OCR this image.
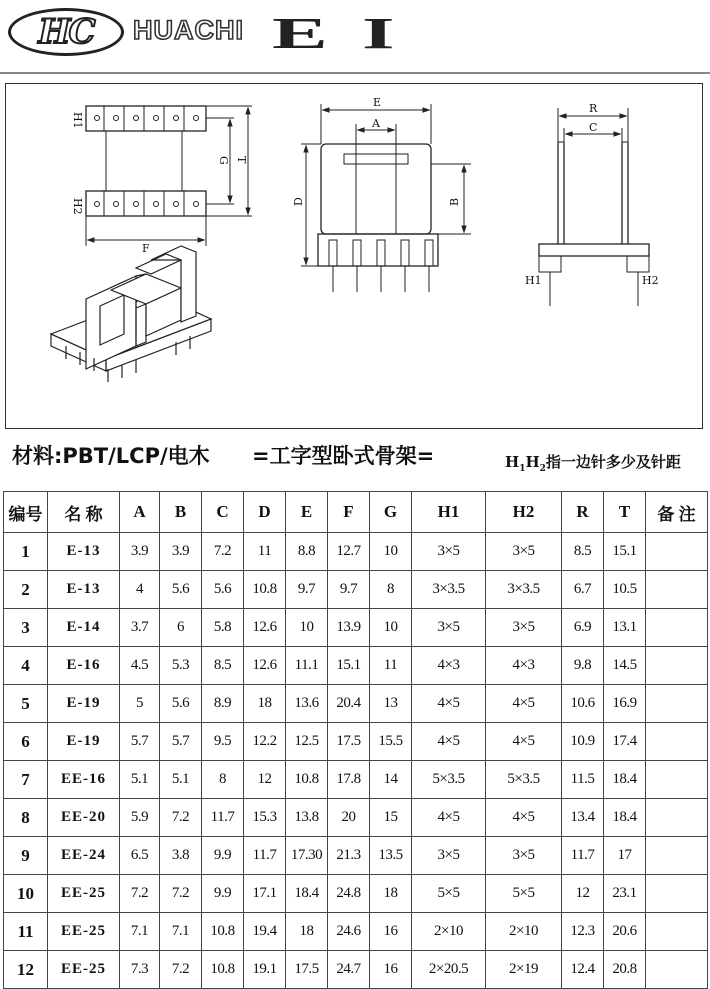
HC HUACHI EI
H1
H2
G T
F
E
A
D	B
R
C
H1	H2
材料:PBT/LCP/电木 =工字型卧式骨架=	$H_1H_2$指一边针多少及针距
编号	名 称	A	B	C	D	E	F	G	H1	H2	R	T	备 注
1	E-13	3.9	3.9	7.2	11	8.8	12.7	10	3×5	3×5	8.5	15.1	
2	E-13	4	5.6	5.6	10.8	9.7	9.7	8	3×3.5	3×3.5	6.7	10.5	
3	E-14	3.7	6	5.8	12.6	10	13.9	10	3×5	3×5	6.9	13.1	
4	E-16	4.5	5.3	8.5	12.6	11.1	15.1	11	4×3	4×3	9.8	14.5	
5	E-19	5	5.6	8.9	18	13.6	20.4	13	4×5	4×5	10.6	16.9	
6	E-19	5.7	5.7	9.5	12.2	12.5	17.5	15.5	4×5	4×5	10.9	17.4	
7	EE-16	5.1	5.1	8	12	10.8	17.8	14	5×3.5	5×3.5	11.5	18.4	
8	EE-20	5.9	7.2	11.7	15.3	13.8	20	15	4×5	4×5	13.4	18.4	
9	EE-24	6.5	3.8	9.9	11.7	17.30	21.3	13.5	3×5	3×5	11.7	17	
10	EE-25	7.2	7.2	9.9	17.1	18.4	24.8	18	5×5	5×5	12	23.1	
11	EE-25	7.1	7.1	10.8	19.4	18	24.6	16	2×10	2×10	12.3	20.6	
12	EE-25	7.3	7.2	10.8	19.1	17.5	24.7	16	2×20.5	2×19	12.4	20.8	
